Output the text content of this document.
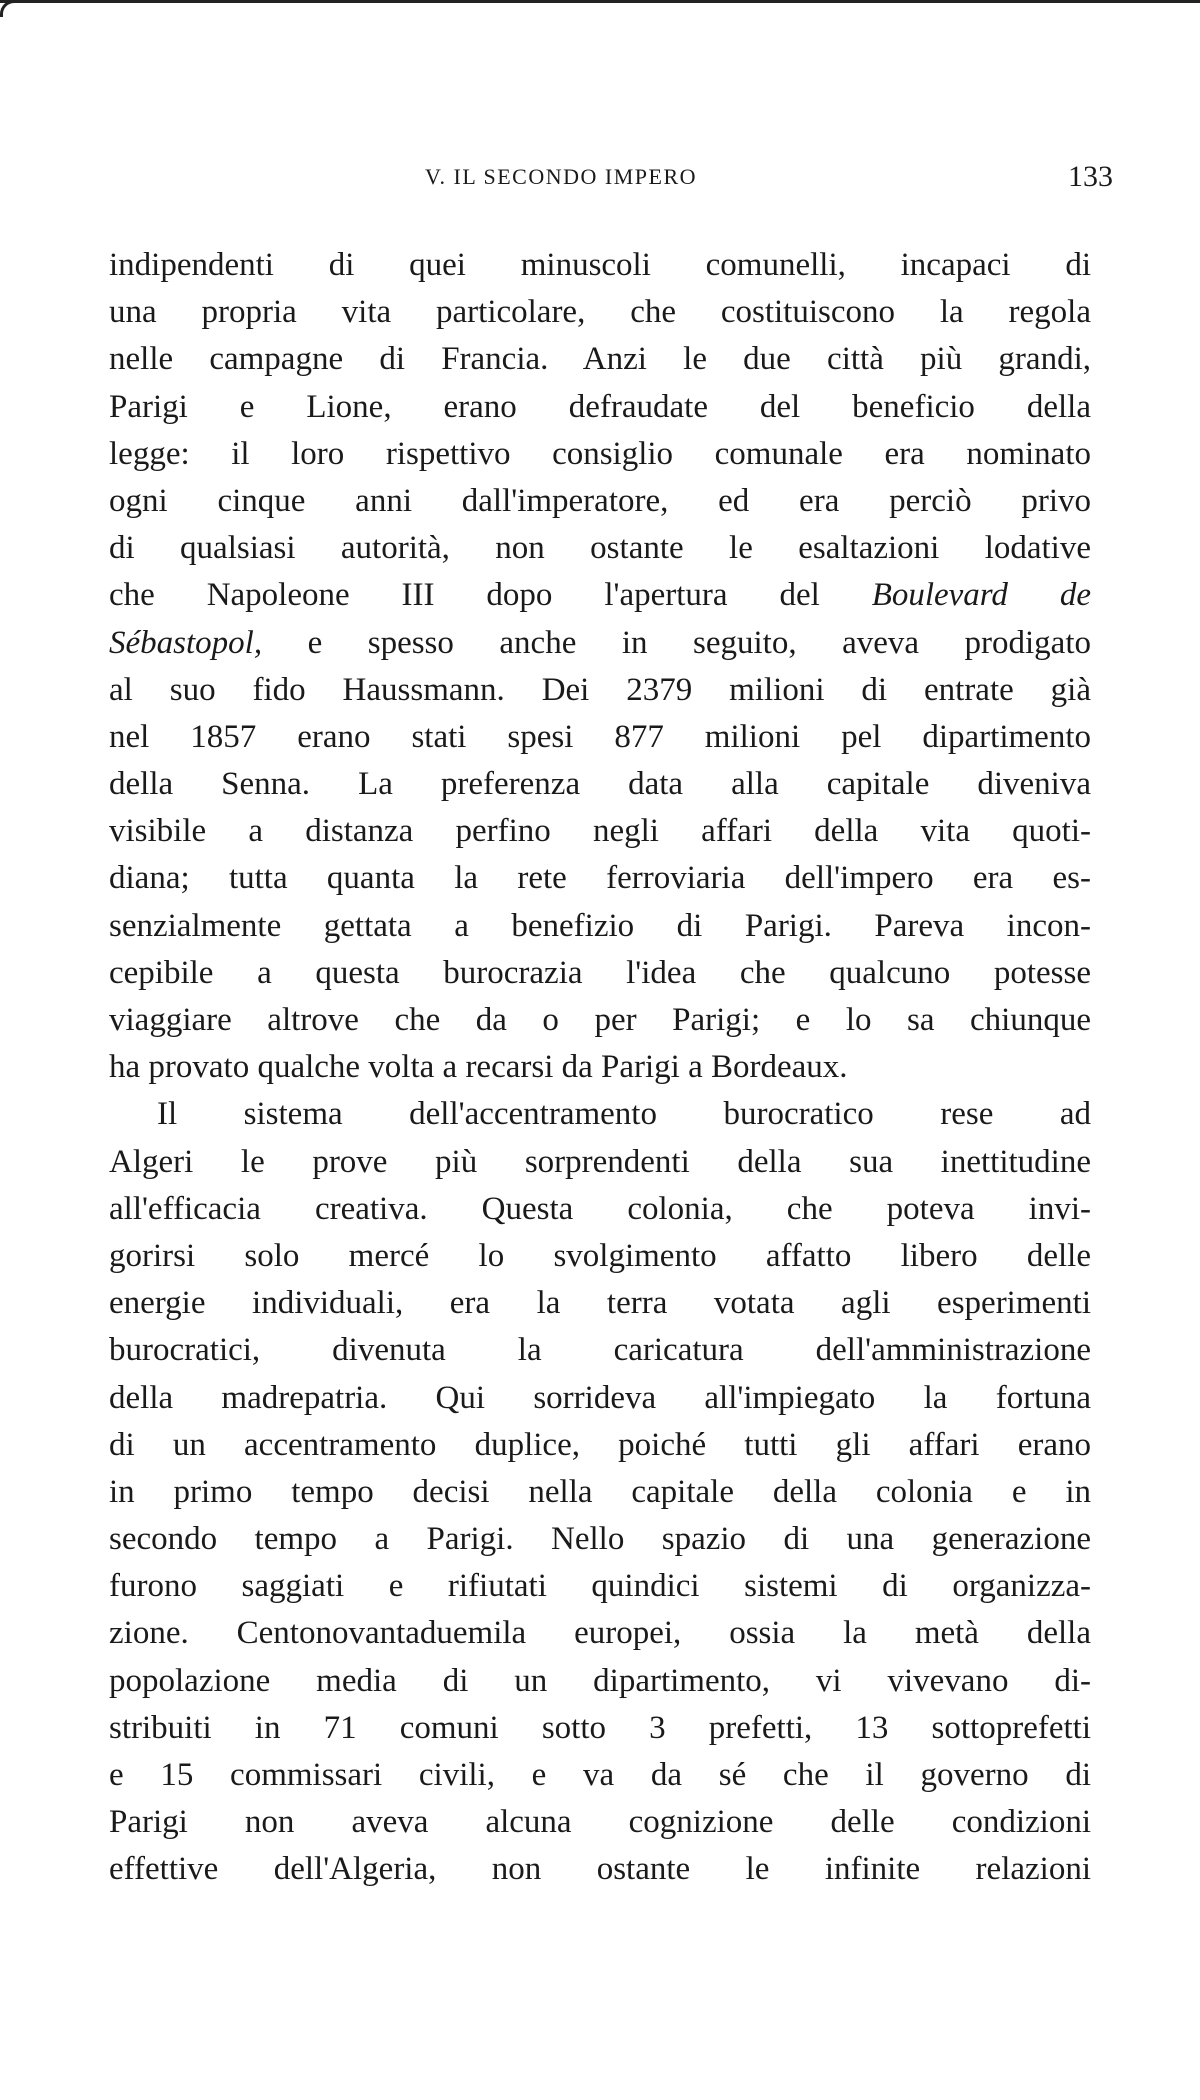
V. IL SECONDO IMPERO	133
indipendenti di quei minuscoli comunelli, incapaci di
una propria vita particolare, che costituiscono la regola
nelle campagne di Francia. Anzi le due città più grandi,
Parigi e Lione, erano defraudate del beneficio della
legge: il loro rispettivo consiglio comunale era nominato
ogni cinque anni dall'imperatore, ed era perciò privo
di qualsiasi autorità, non ostante le esaltazioni lodative
che Napoleone III dopo l'apertura del Boulevard de
Sébastopol, e spesso anche in seguito, aveva prodigato
al suo fido Haussmann. Dei 2379 milioni di entrate già
nel 1857 erano stati spesi 877 milioni pel dipartimento
della Senna. La preferenza data alla capitale diveniva
visibile a distanza perfino negli affari della vita quoti-
diana; tutta quanta la rete ferroviaria dell'impero era es-
senzialmente gettata a benefizio di Parigi. Pareva incon-
cepibile a questa burocrazia l'idea che qualcuno potesse
viaggiare altrove che da o per Parigi; e lo sa chiunque
ha provato qualche volta a recarsi da Parigi a Bordeaux.
Il sistema dell'accentramento burocratico rese ad
Algeri le prove più sorprendenti della sua inettitudine
all'efficacia creativa. Questa colonia, che poteva invi-
gorirsi solo mercé lo svolgimento affatto libero delle
energie individuali, era la terra votata agli esperimenti
burocratici, divenuta la caricatura dell'amministrazione
della madrepatria. Qui sorrideva all'impiegato la fortuna
di un accentramento duplice, poiché tutti gli affari erano
in primo tempo decisi nella capitale della colonia e in
secondo tempo a Parigi. Nello spazio di una generazione
furono saggiati e rifiutati quindici sistemi di organizza-
zione. Centonovantaduemila europei, ossia la metà della
popolazione media di un dipartimento, vi vivevano di-
stribuiti in 71 comuni sotto 3 prefetti, 13 sottoprefetti
e 15 commissari civili, e va da sé che il governo di
Parigi non aveva alcuna cognizione delle condizioni
effettive dell'Algeria, non ostante le infinite relazioni
